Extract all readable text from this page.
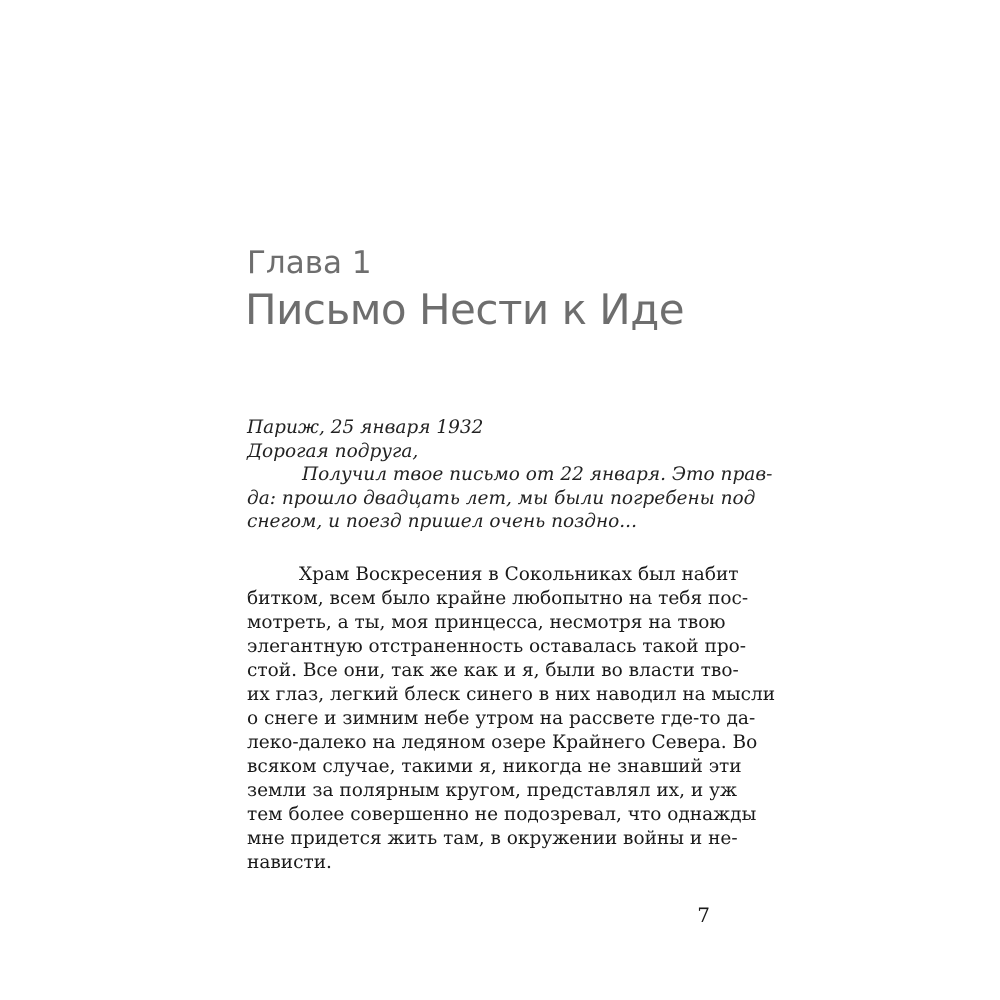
Глава 1
Письмо Нести к Иде
Париж, 25 января 1932
Дорогая подруга,
Получил твое письмо от 22 января. Это прав-
да: прошло двадцать лет, мы были погребены под
снегом, и поезд пришел очень поздно...
Храм Воскресения в Сокольниках был набит
битком, всем было крайне любопытно на тебя пос-
мотреть, а ты, моя принцесса, несмотря на твою
элегантную отстраненность оставалась такой про-
стой. Все они, так же как и я, были во власти тво-
их глаз, легкий блеск синего в них наводил на мысли
о снеге и зимним небе утром на рассвете где-то да-
леко-далеко на ледяном озере Крайнего Севера. Во
всяком случае, такими я, никогда не знавший эти
земли за полярным кругом, представлял их, и уж
тем более совершенно не подозревал, что однажды
мне придется жить там, в окружении войны и не-
нависти.
7
